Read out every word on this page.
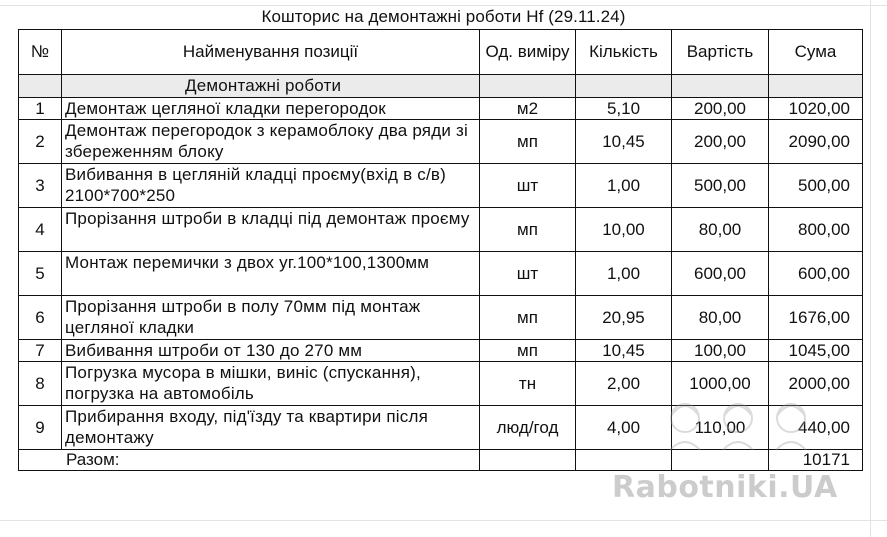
Кошторис на демонтажні роботи Hf (29.11.24)
№	Найменування позиції	Од. виміру	Кількість	Вартість	Сума
	Демонтажні роботи				
1	Демонтаж цегляної кладки перегородок	м2	5,10	200,00	1020,00
2	Демонтаж перегородок з керамоблоку два ряди зі збереженням блоку	мп	10,45	200,00	2090,00
3	Вибивання в цегляній кладці проєму(вхід в с/в) 2100*700*250	шт	1,00	500,00	500,00
4	Прорізання штроби в кладці під демонтаж проєму	мп	10,00	80,00	800,00
5	Монтаж перемички з двох уг.100*100,1300мм	шт	1,00	600,00	600,00
6	Прорізання штроби в полу 70мм під монтаж цегляної кладки	мп	20,95	80,00	1676,00
7	Вибивання штроби от 130 до 270 мм	мп	10,45	100,00	1045,00
8	Погрузка мусора в мішки, виніс (спускання), погрузка на автомобіль	тн	2,00	1000,00	2000,00
9	Прибирання входу, під'їзду та квартири після демонтажу	люд/год	4,00	110,00	440,00
Разом:					10171
Rabotniki.UA
